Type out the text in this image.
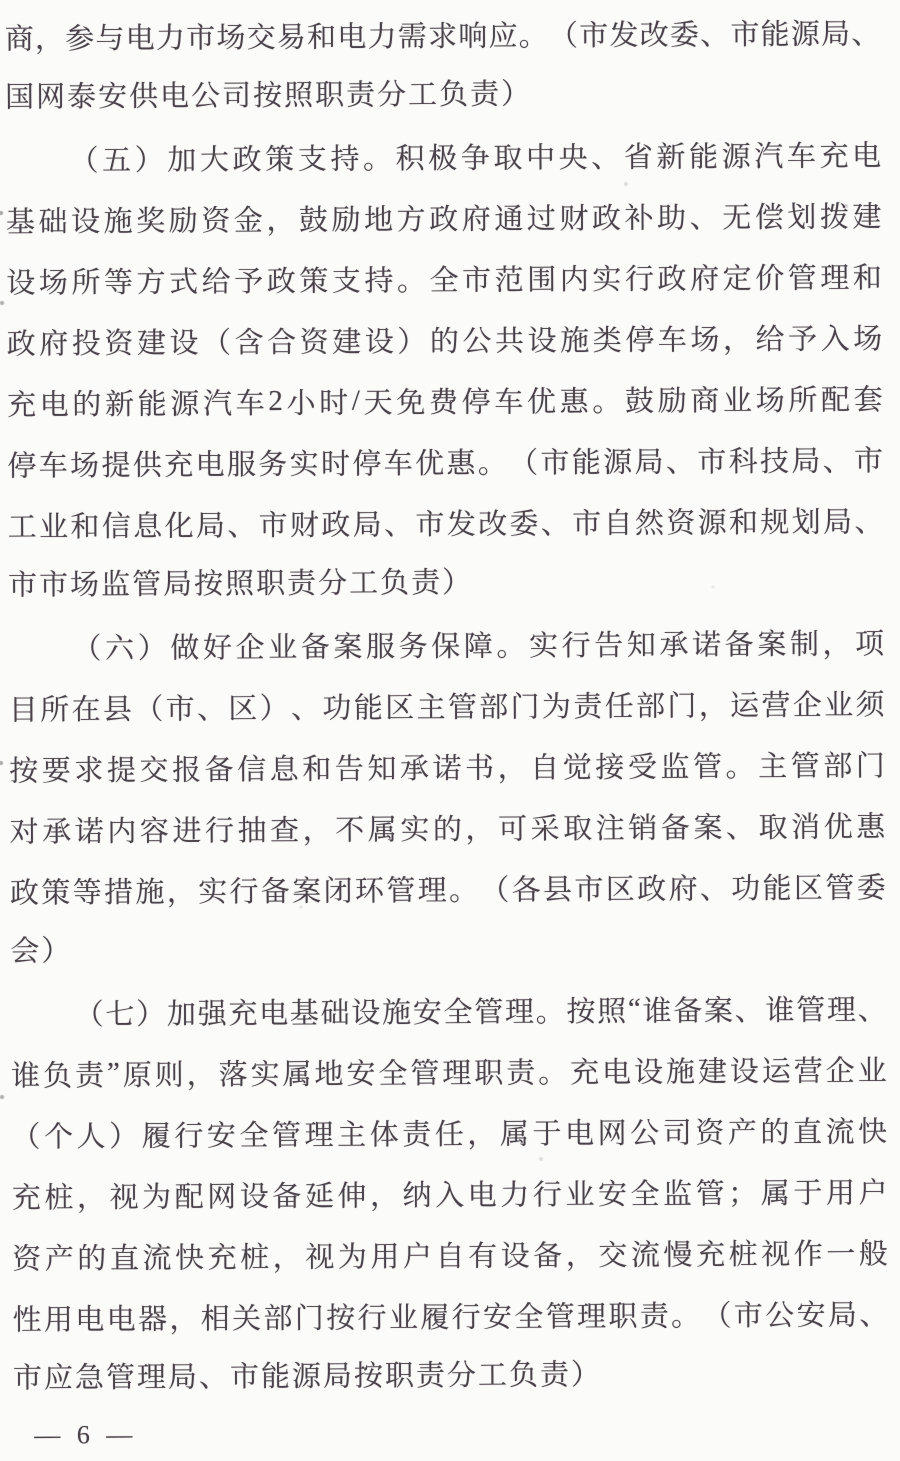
商 ， 参 与 电 力 市 场 交 易 和 电 力 需 求 响 应 。 （ 市 发 改 委 、 市 能 源 局 、
国网泰安供电公司按照职责分工负责）
（ 五 ） 加 大 政 策 支 持 。 积 极 争 取 中 央 、 省 新 能 源 汽 车 充 电
基 础 设 施 奖 励 资 金 ， 鼓 励 地 方 政 府 通 过 财 政 补 助 、 无 偿 划 拨 建
设 场 所 等 方 式 给 予 政 策 支 持 。 全 市 范 围 内 实 行 政 府 定 价 管 理 和
政 府 投 资 建 设 （ 含 合 资 建 设 ） 的 公 共 设 施 类 停 车 场 ， 给 予 入 场
充 电 的 新 能 源 汽 车 2 小 时 / 天 免 费 停 车 优 惠 。 鼓 励 商 业 场 所 配 套
停 车 场 提 供 充 电 服 务 实 时 停 车 优 惠 。 （ 市 能 源 局 、 市 科 技 局 、 市
工 业 和 信 息 化 局 、 市 财 政 局 、 市 发 改 委 、 市 自 然 资 源 和 规 划 局 、
市市场监管局按照职责分工负责）
（ 六 ） 做 好 企 业 备 案 服 务 保 障 。 实 行 告 知 承 诺 备 案 制 ， 项
目 所 在 县 （ 市 、 区 ） 、 功 能 区 主 管 部 门 为 责 任 部 门 ， 运 营 企 业 须
按 要 求 提 交 报 备 信 息 和 告 知 承 诺 书 ， 自 觉 接 受 监 管 。 主 管 部 门
对 承 诺 内 容 进 行 抽 查 ， 不 属 实 的 ， 可 采 取 注 销 备 案 、 取 消 优 惠
政 策 等 措 施 ， 实 行 备 案 闭 环 管 理 。 （ 各 县 市 区 政 府 、 功 能 区 管 委
会）
（ 七 ） 加 强 充 电 基 础 设 施 安 全 管 理 。 按 照 “ 谁 备 案 、 谁 管 理 、
谁 负 责 ” 原 则 ， 落 实 属 地 安 全 管 理 职 责 。 充 电 设 施 建 设 运 营 企 业
（ 个 人 ） 履 行 安 全 管 理 主 体 责 任 ， 属 于 电 网 公 司 资 产 的 直 流 快
充 桩 ， 视 为 配 网 设 备 延 伸 ， 纳 入 电 力 行 业 安 全 监 管 ； 属 于 用 户
资 产 的 直 流 快 充 桩 ， 视 为 用 户 自 有 设 备 ， 交 流 慢 充 桩 视 作 一 般
性 用 电 电 器 ， 相 关 部 门 按 行 业 履 行 安 全 管 理 职 责 。 （ 市 公 安 局 、
市应急管理局、市能源局按职责分工负责）
— 6 —
